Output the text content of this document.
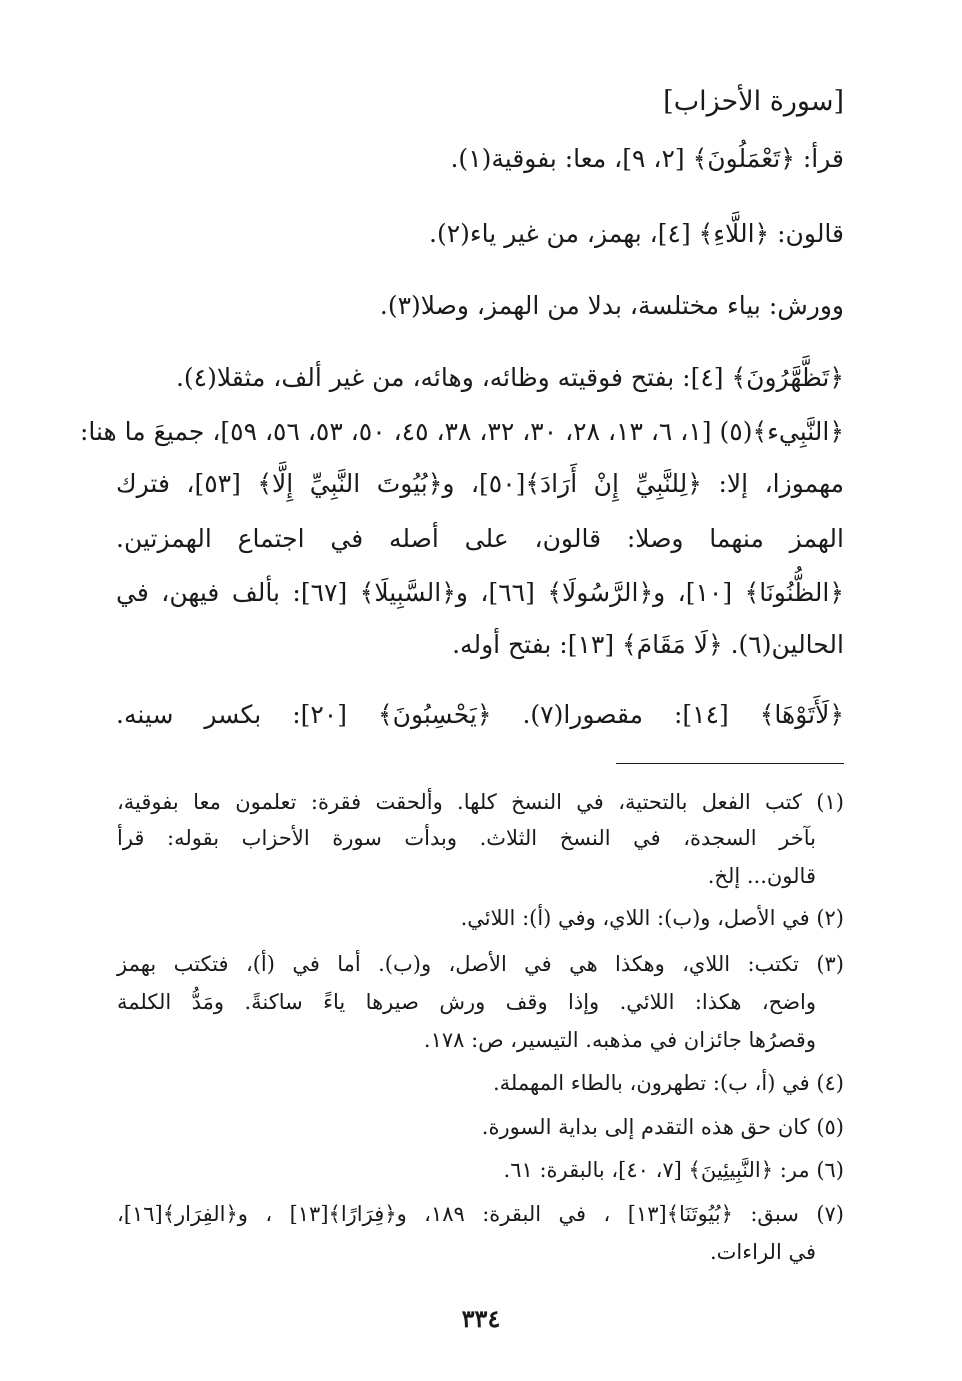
[سورة الأحزاب]
قرأ: ﴿تَعْمَلُونَ﴾ [٢، ٩]، معا: بفوقية(١).
قالون: ﴿اللَّاءِ﴾ [٤]، بهمز، من غير ياء(٢).
وورش: بياء مختلسة، بدلا من الهمز، وصلا(٣).
﴿تَظَّهَّرُونَ﴾ [٤]: بفتح فوقيته وظائه، وهائه، من غير ألف، مثقلا(٤).
﴿النَّبِيء﴾(٥) [١، ٦، ١٣، ٢٨، ٣٠، ٣٢، ٣٨، ٤٥، ٥٠، ٥٣، ٥٦، ٥٩]، جميعَ ما هنا:
مهموزا، إلا: ﴿لِلنَّبِيِّ إِنْ أَرَادَ﴾[٥٠]، و﴿بُيُوتَ النَّبِيِّ إِلَّا﴾ [٥٣]، فترك
الهمز منهما وصلا: قالون، على أصله في اجتماع الهمزتين.
﴿الظُّنُونَا﴾ [١٠]، و﴿الرَّسُولَا﴾ [٦٦]، و﴿السَّبِيلَا﴾ [٦٧]: بألف فيهن، في
الحالين(٦). ﴿لَا مَقَامَ﴾ [١٣]: بفتح أوله.
﴿لَأَتَوْهَا﴾ [١٤]: مقصورا(٧). ﴿يَحْسِبُونَ﴾ [٢٠]: بكسر سينه.
(١) كتب الفعل بالتحتية، في النسخ كلها. وألحقت فقرة: تعلمون معا بفوقية،
بآخر السجدة، في النسخ الثلاث. وبدأت سورة الأحزاب بقوله: قرأ
قالون... إلخ.
(٢) في الأصل، و(ب): اللاي، وفي (أ): اللائي.
(٣) تكتب: اللاي، وهكذا هي في الأصل، و(ب). أما في (أ)، فتكتب بهمز
واضح، هكذا: اللائي. وإذا وقف ورش صيرها ياءً ساكنةً. ومَدُّ الكلمة
وقصرُها جائزان في مذهبه. التيسير، ص: ١٧٨.
(٤) في (أ، ب): تطهرون، بالطاء المهملة.
(٥) كان حق هذه التقدم إلى بداية السورة.
(٦) مر: ﴿النَّبِيئِينَ﴾ [٧، ٤٠]، بالبقرة: ٦١.
(٧) سبق: ﴿بُيُوتَنَا﴾[١٣] ، في البقرة: ١٨٩، و﴿فِرَارًا﴾[١٣] ، و﴿الفِرَار﴾[١٦]،
في الراءات.
٣٣٤
